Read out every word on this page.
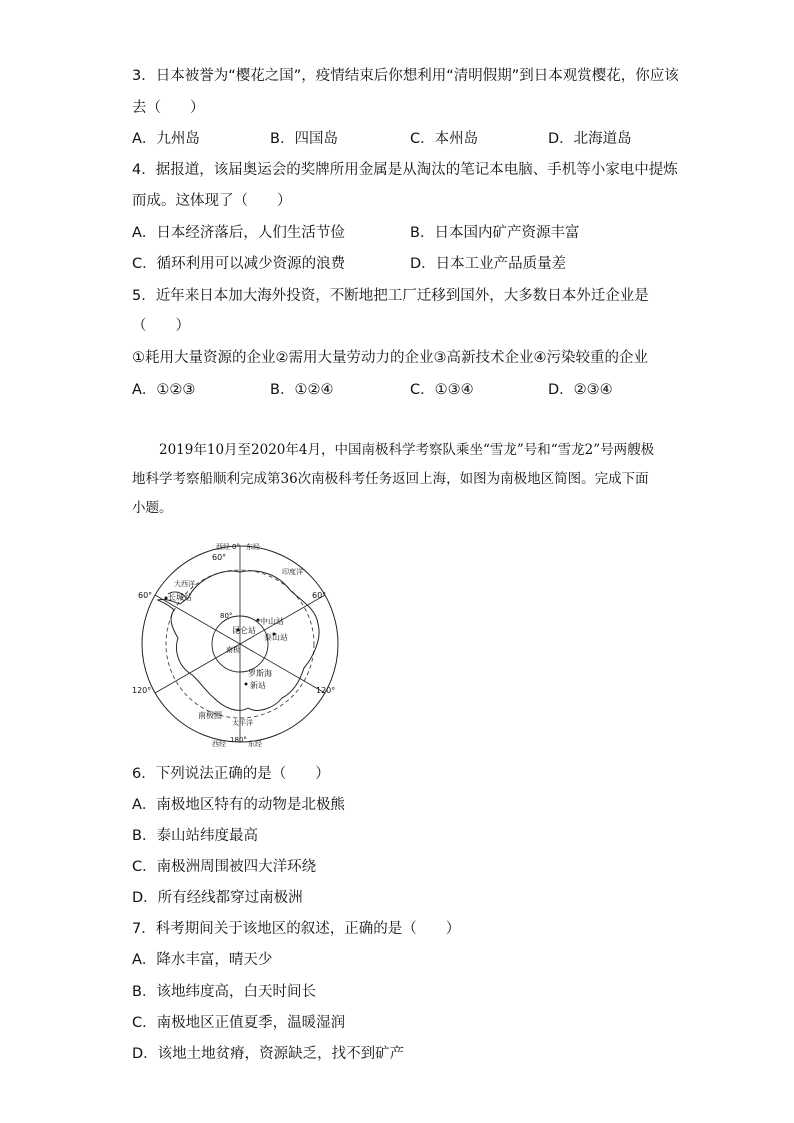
3．日本被誉为“樱花之国”，疫情结束后你想利用“清明假期”到日本观赏樱花，你应该
去（　　）
A．九州岛	B．四国岛	C．本州岛	D．北海道岛
4．据报道，该届奥运会的奖牌所用金属是从淘汰的笔记本电脑、手机等小家电中提炼
而成。这体现了（　　）
A．日本经济落后，人们生活节俭	B．日本国内矿产资源丰富
C．循环利用可以减少资源的浪费	D．日本工业产品质量差
5．近年来日本加大海外投资，不断地把工厂迁移到国外，大多数日本外迁企业是
（　　）
①耗用大量资源的企业②需用大量劳动力的企业③高新技术企业④污染较重的企业
A．①②③	B．①②④	C．①③④	D．②③④

2019年10月至2020年4月，中国南极科学考察队乘坐“雪龙”号和“雪龙2”号两艘极地科学考察船顺利完成第36次南极科考任务返回上海，如图为南极地区简图。完成下面小题。

西经 0° 东经
60°
大西洋
印度洋
60°	60°
长城站
80°
昆仑站
中山站
泰山站
南极
罗斯海
新站
120°	120°
南极圈
太平洋
西经 180° 东经
6．下列说法正确的是（　　）
A．南极地区特有的动物是北极熊
B．泰山站纬度最高
C．南极洲周围被四大洋环绕
D．所有经线都穿过南极洲
7．科考期间关于该地区的叙述，正确的是（　　）
A．降水丰富，晴天少
B．该地纬度高，白天时间长
C．南极地区正值夏季，温暖湿润
D．该地土地贫瘠，资源缺乏，找不到矿产
